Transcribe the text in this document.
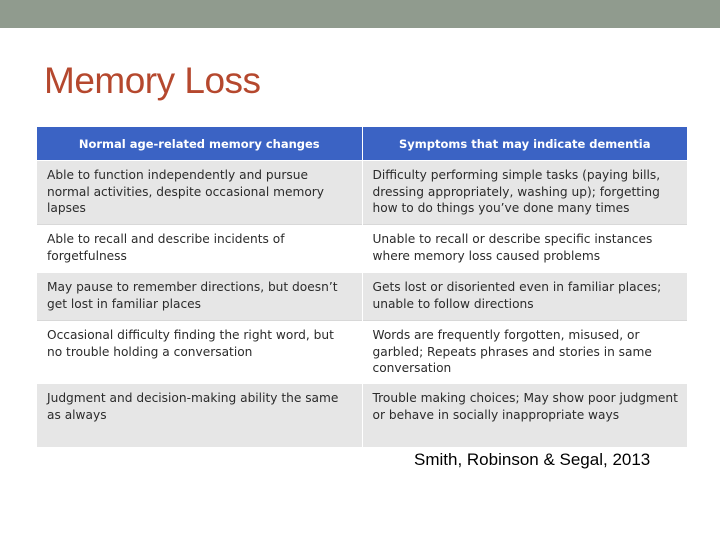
Memory Loss
Normal age-related memory changes	Symptoms that may indicate dementia
Able to function independently and pursue normal activities, despite occasional memory lapses	Difficulty performing simple tasks (paying bills, dressing appropriately, washing up); forgetting how to do things you’ve done many times
Able to recall and describe incidents of forgetfulness	Unable to recall or describe specific instances where memory loss caused problems
May pause to remember directions, but doesn’t get lost in familiar places	Gets lost or disoriented even in familiar places; unable to follow directions
Occasional difficulty finding the right word, but no trouble holding a conversation	Words are frequently forgotten, misused, or garbled; Repeats phrases and stories in same conversation
Judgment and decision-making ability the same as always	Trouble making choices; May show poor judgment or behave in socially inappropriate ways
Smith, Robinson & Segal, 2013
